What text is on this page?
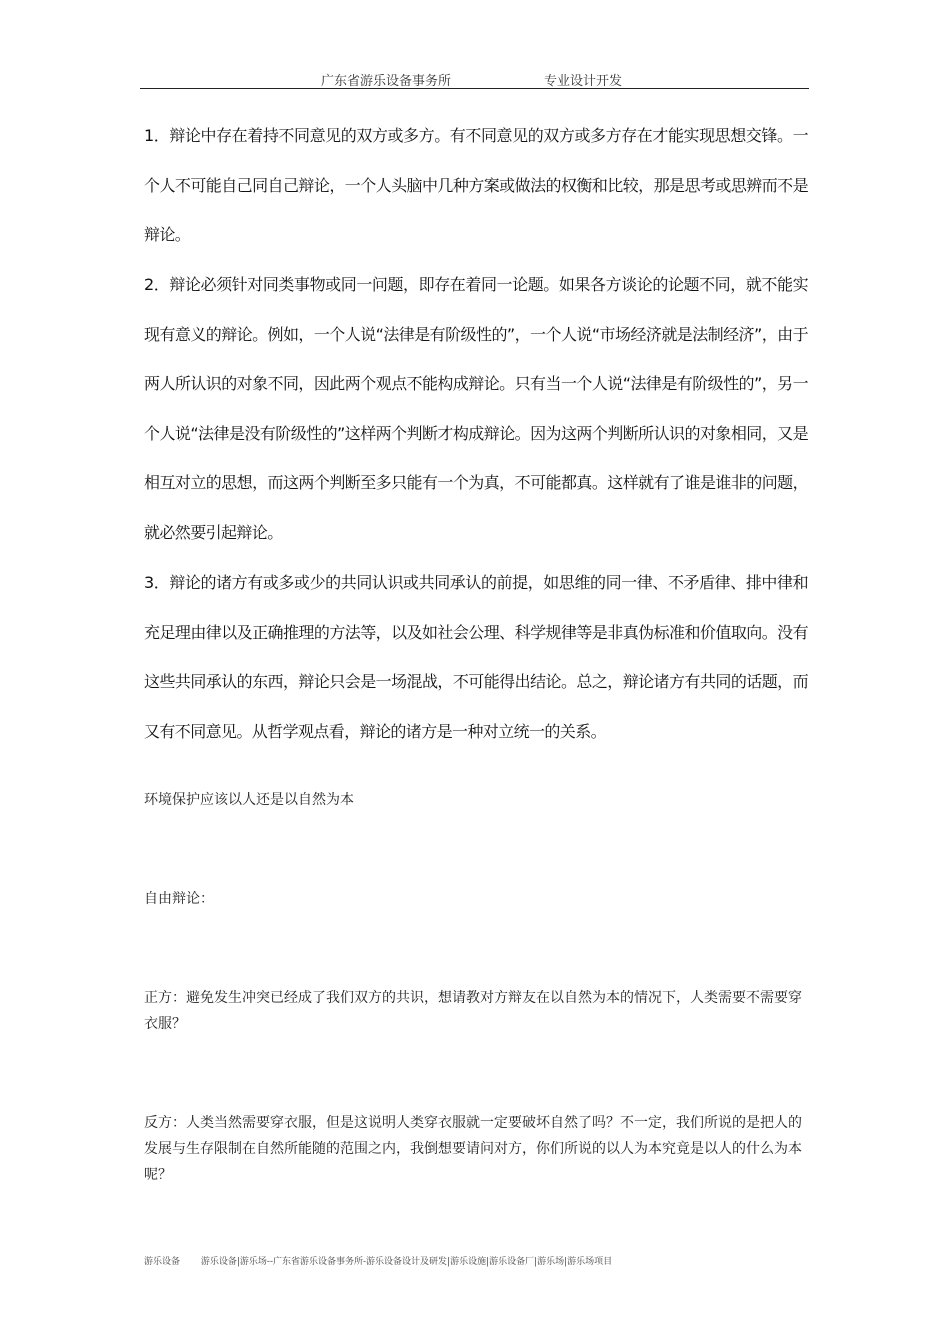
广东省游乐设备事务所	专业设计开发

1．辩论中存在着持不同意见的双方或多方。有不同意见的双方或多方存在才能实现思想交锋。一个人不可能自己同自己辩论，一个人头脑中几种方案或做法的权衡和比较，那是思考或思辨而不是辩论。

2．辩论必须针对同类事物或同一问题，即存在着同一论题。如果各方谈论的论题不同，就不能实现有意义的辩论。例如，一个人说“法律是有阶级性的”，一个人说“市场经济就是法制经济”，由于两人所认识的对象不同，因此两个观点不能构成辩论。只有当一个人说“法律是有阶级性的”，另一个人说“法律是没有阶级性的”这样两个判断才构成辩论。因为这两个判断所认识的对象相同，又是相互对立的思想，而这两个判断至多只能有一个为真，不可能都真。这样就有了谁是谁非的问题，就必然要引起辩论。

3．辩论的诸方有或多或少的共同认识或共同承认的前提，如思维的同一律、不矛盾律、排中律和充足理由律以及正确推理的方法等，以及如社会公理、科学规律等是非真伪标准和价值取向。没有这些共同承认的东西，辩论只会是一场混战，不可能得出结论。总之，辩论诸方有共同的话题，而又有不同意见。从哲学观点看，辩论的诸方是一种对立统一的关系。

环境保护应该以人还是以自然为本

自由辩论：

正方：避免发生冲突已经成了我们双方的共识，想请教对方辩友在以自然为本的情况下，人类需要不需要穿衣服？

反方：人类当然需要穿衣服，但是这说明人类穿衣服就一定要破坏自然了吗？不一定，我们所说的是把人的发展与生存限制在自然所能随的范围之内，我倒想要请问对方，你们所说的以人为本究竟是以人的什么为本呢？

游乐设备 游乐设备|游乐场--广东省游乐设备事务所-游乐设备设计及研发|游乐设施|游乐设备厂|游乐场|游乐场项目
